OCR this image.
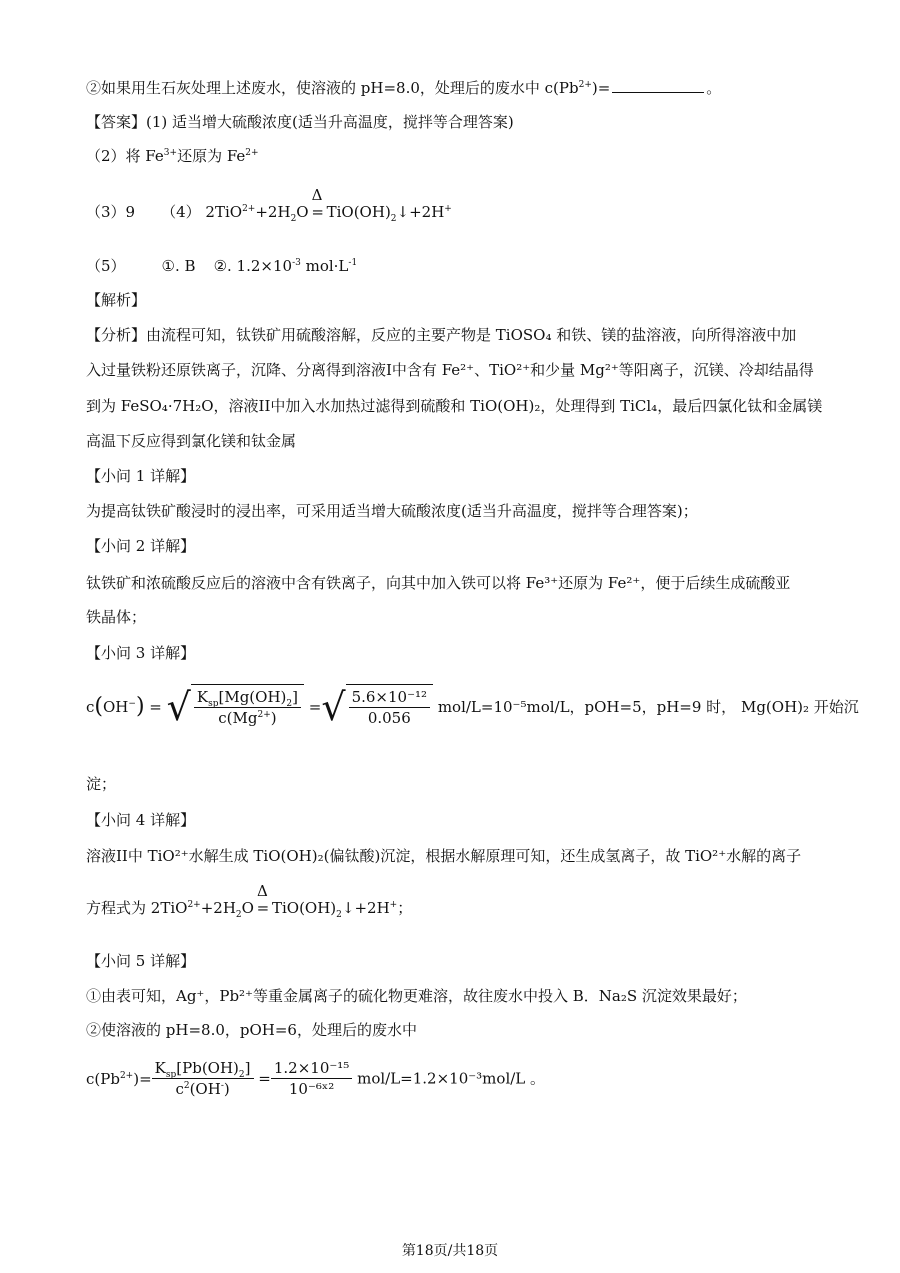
②如果用生石灰处理上述废水，使溶液的 pH=8.0，处理后的废水中 $c(Pb^{2+})=$	。
【答案】(1) 适当增大硫酸浓度(适当升高温度，搅拌等合理答案)
（2）将 $Fe^{3+}$还原为 $Fe^{2+}$
（3）9 （4） $2TiO^{2+}+2H_2O$
Δ
= $TiO(OH)_2↓+2H^+$
（5） ①. B ②. $1.2\times 10^{-3}$ $mol\cdot L^{-1}$
【解析】
【分析】由流程可知，钛铁矿用硫酸溶解，反应的主要产物是 TiOSO₄ 和铁、镁的盐溶液，向所得溶液中加
入过量铁粉还原铁离子，沉降、分离得到溶液I中含有 Fe²⁺、TiO²⁺和少量 Mg²⁺等阳离子，沉镁、冷却结晶得
到为 FeSO₄·7H₂O，溶液II中加入水加热过滤得到硫酸和 TiO(OH)₂，处理得到 TiCl₄，最后四氯化钛和金属镁
高温下反应得到氯化镁和钛金属
【小问 1 详解】
为提高钛铁矿酸浸时的浸出率，可采用适当增大硫酸浓度(适当升高温度，搅拌等合理答案)；
【小问 2 详解】
钛铁矿和浓硫酸反应后的溶液中含有铁离子，向其中加入铁可以将 Fe³⁺还原为 Fe²⁺，便于后续生成硫酸亚
铁晶体；
【小问 3 详解】
c(OH−) = √ $\frac{K_{sp}[Mg(OH)_2]}{c(Mg^{2+})}$ =√ $\frac{\text{5.6×10⁻¹²}}{0.056} mol/L=10^{-5}mol/L$，pOH=5，pH=9 时， Mg(OH)₂ 开始沉
淀；
【小问 4 详解】
溶液II中 TiO²⁺水解生成 TiO(OH)₂(偏钛酸)沉淀，根据水解原理可知，还生成氢离子，故 TiO²⁺水解的离子
方程式为 $2TiO^{2+}+2H_2O$
Δ
= $TiO(OH)_2↓+2H^+$；
【小问 5 详解】
①由表可知，Ag⁺，Pb²⁺等重金属离子的硫化物更难溶，故往废水中投入 B．Na₂S 沉淀效果最好；
②使溶液的 pH=8.0，pOH=6，处理后的废水中
$c(Pb^{2+})= \frac{K_{sp}[Pb(OH)_2]}{c^2(OH^-)} = \frac{\text{1.2×10⁻¹⁵}}{\text{10⁻⁶ˣ²}} mol/L=1.2\times 10^{-3}mol/L$ 。
第18页/共18页
